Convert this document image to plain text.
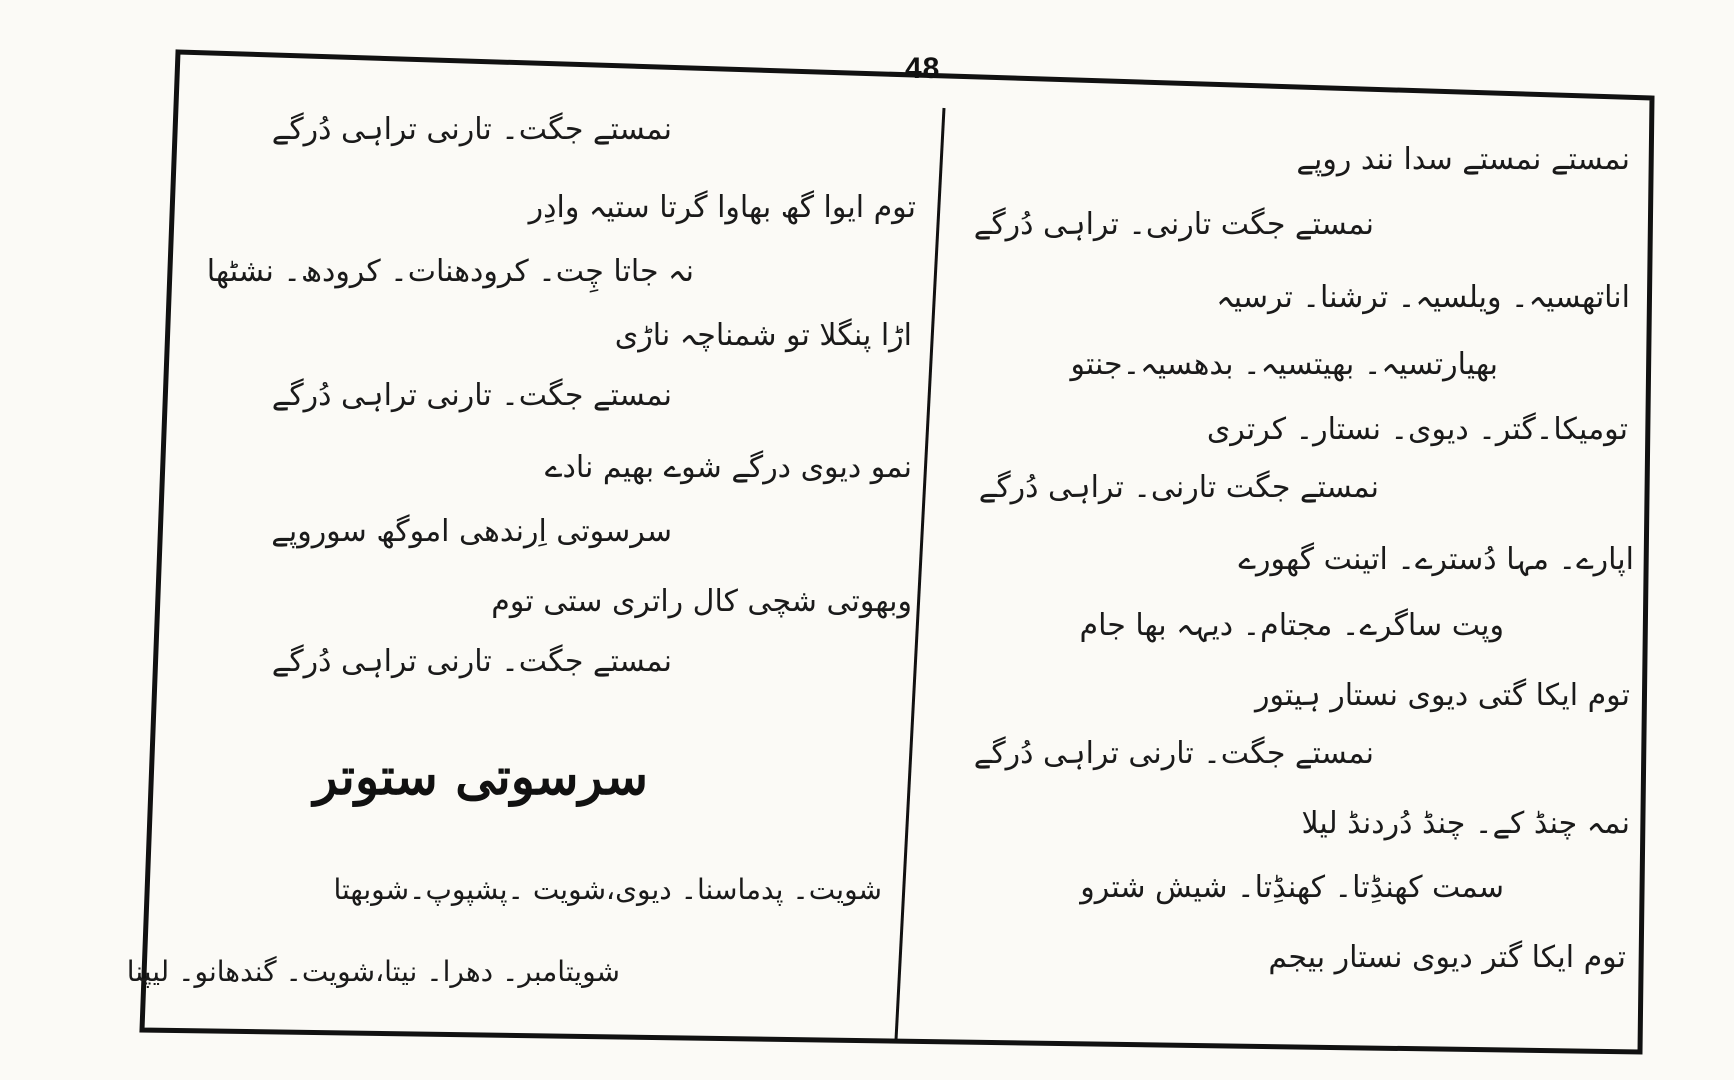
48
نمستے نمستے سدا نند روپے
نمستے جگت تارنی۔ تراہی دُرگے
اناتھسیہ۔ ویلسیہ۔ ترشنا۔ ترسیہ
بھیارتسیہ۔ بھیتسیہ۔ بدھسیہ۔جنتو
تومیکا۔گتر۔ دیوی۔ نستار۔ کرتری
نمستے جگت تارنی۔ تراہی دُرگے
اپارے۔ مہا دُسترے۔ اتینت گھورے
وپت ساگرے۔ مجتام۔ دیہہ بھا جام
توم ایکا گتی دیوی نستار ہیتور
نمستے جگت۔ تارنی تراہی دُرگے
نمہ چنڈ کے۔ چنڈ دُردنڈ لیلا
سمت کھنڈِتا۔ کھنڈِتا۔ شیش شترو
توم ایکا گتر دیوی نستار بیجم
نمستے جگت۔ تارنی تراہی دُرگے
توم ایوا گھ بھاوا گرتا ستیہ وادِر
نہ جاتا چِت۔ کرودھنات۔ کرودھ۔ نشٹھا
اڑا پنگلا تو شمناچہ ناڑی
نمستے جگت۔ تارنی تراہی دُرگے
نمو دیوی درگے شوے بھیم نادے
سرسوتی اِرندھی اموگھ سوروپے
وبھوتی شچی کال راتری ستی توم
نمستے جگت۔ تارنی تراہی دُرگے
سرسوتی ستوتر
شویت۔ پدماسنا۔ دیوی،شویت ۔پشپوپ۔شوبھتا
شویتامبر۔ دھرا۔ نیتا،شویت۔ گندھانو۔ لیپنا
